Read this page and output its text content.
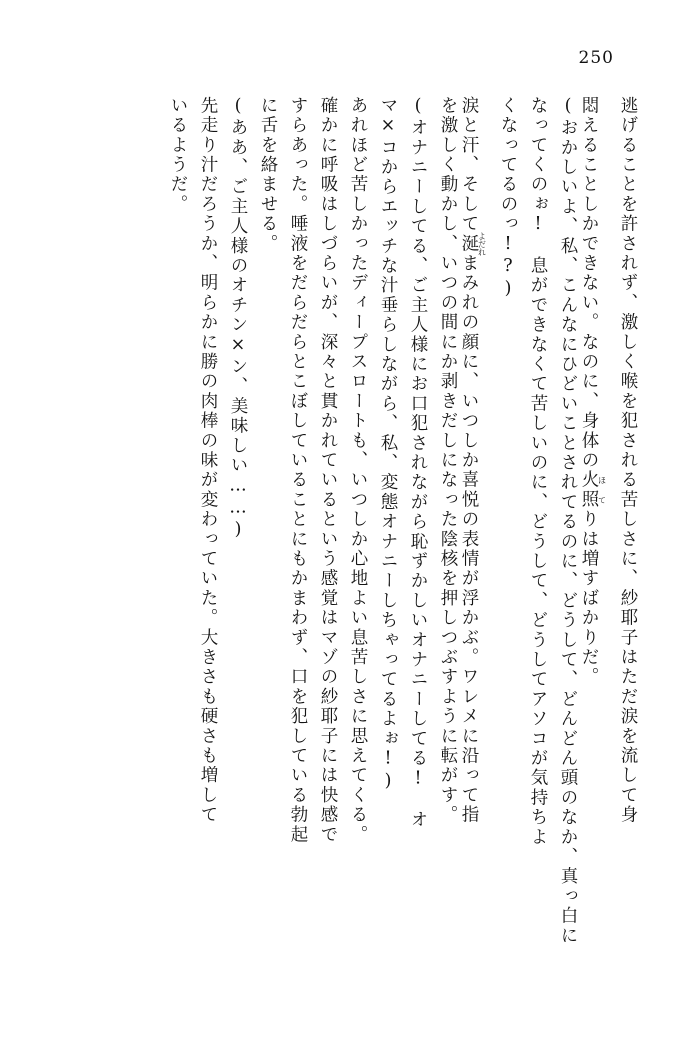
250
逃げることを許されず、激しく喉を犯される苦しさに、紗耶子はただ涙を流して身
悶えることしかできない。なのに、身体の火照ほてりは増すばかりだ。
(おかしいよ、私、こんなにひどいことされてるのに、どうして、どんどん頭のなか、真っ白に
なってくのぉ!　息ができなくて苦しいのに、どうして、どうしてアソコが気持ちよ
くなってるのっ!?)
涙と汗、そして涎よだれまみれの顔に、いつしか喜悦の表情が浮かぶ。ワレメに沿って指
を激しく動かし、いつの間にか剥きだしになった陰核を押しつぶすように転がす。
(オナニーしてる、ご主人様にお口犯されながら恥ずかしいオナニーしてる!　オ
マ×コからエッチな汁垂らしながら、私、変態オナニーしちゃってるよぉ!)
あれほど苦しかったディープスロートも、いつしか心地よい息苦しさに思えてくる。
確かに呼吸はしづらいが、深々と貫かれているという感覚はマゾの紗耶子には快感で
すらあった。唾液をだらだらとこぼしていることにもかまわず、口を犯している勃起
に舌を絡ませる。
(ああ、ご主人様のオチン×ン、美味しい……)
先走り汁だろうか、明らかに勝の肉棒の味が変わっていた。大きさも硬さも増して
いるようだ。
